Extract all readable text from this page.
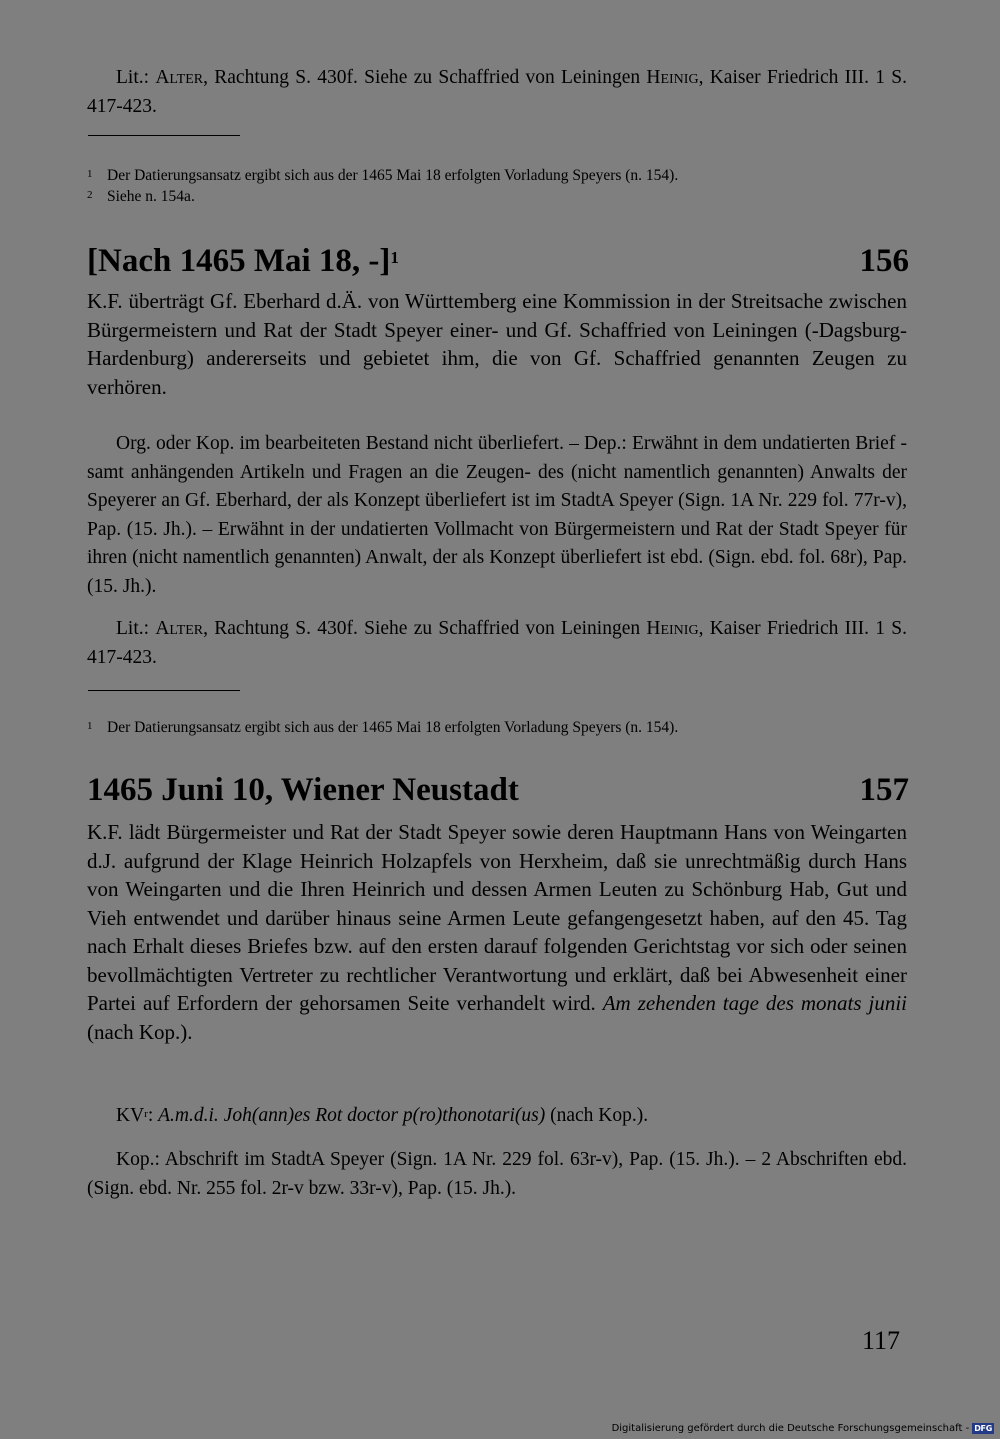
Lit.: Alter, Rachtung S. 430f. Siehe zu Schaffried von Leiningen Heinig, Kaiser Friedrich III. 1 S. 417-423.
1 Der Datierungsansatz ergibt sich aus der 1465 Mai 18 erfolgten Vorladung Speyers (n. 154).
2 Siehe n. 154a.
[Nach 1465 Mai 18, -]$^1$	156
K.F. überträgt Gf. Eberhard d.Ä. von Württemberg eine Kommission in der Streitsache zwischen Bürgermeistern und Rat der Stadt Speyer einer- und Gf. Schaffried von Leiningen (-Dagsburg-Hardenburg) andererseits und gebietet ihm, die von Gf. Schaffried genannten Zeugen zu verhören.
Org. oder Kop. im bearbeiteten Bestand nicht überliefert. – Dep.: Erwähnt in dem undatierten Brief -samt anhängenden Artikeln und Fragen an die Zeugen- des (nicht namentlich genannten) Anwalts der Speyerer an Gf. Eberhard, der als Konzept überliefert ist im StadtA Speyer (Sign. 1A Nr. 229 fol. 77r-v), Pap. (15. Jh.). – Erwähnt in der undatierten Vollmacht von Bürgermeistern und Rat der Stadt Speyer für ihren (nicht namentlich genannten) Anwalt, der als Konzept überliefert ist ebd. (Sign. ebd. fol. 68r), Pap. (15. Jh.).
Lit.: Alter, Rachtung S. 430f. Siehe zu Schaffried von Leiningen Heinig, Kaiser Friedrich III. 1 S. 417-423.
1 Der Datierungsansatz ergibt sich aus der 1465 Mai 18 erfolgten Vorladung Speyers (n. 154).
1465 Juni 10, Wiener Neustadt	157
K.F. lädt Bürgermeister und Rat der Stadt Speyer sowie deren Hauptmann Hans von Weingarten d.J. aufgrund der Klage Heinrich Holzapfels von Herxheim, daß sie unrechtmäßig durch Hans von Weingarten und die Ihren Heinrich und dessen Armen Leuten zu Schönburg Hab, Gut und Vieh entwendet und darüber hinaus seine Armen Leute gefangengesetzt haben, auf den 45. Tag nach Erhalt dieses Briefes bzw. auf den ersten darauf folgenden Gerichtstag vor sich oder seinen bevollmächtigten Vertreter zu rechtlicher Verantwortung und erklärt, daß bei Abwesenheit einer Partei auf Erfordern der gehorsamen Seite verhandelt wird. Am zehenden tage des monats junii (nach Kop.).
$KV^r$: A.m.d.i. Joh(ann)es Rot doctor p(ro)thonotari(us) (nach Kop.).
Kop.: Abschrift im StadtA Speyer (Sign. 1A Nr. 229 fol. 63r-v), Pap. (15. Jh.). – 2 Abschriften ebd. (Sign. ebd. Nr. 255 fol. 2r-v bzw. 33r-v), Pap. (15. Jh.).
117
Digitalisierung gefördert durch die Deutsche Forschungsgemeinschaft - DFG
